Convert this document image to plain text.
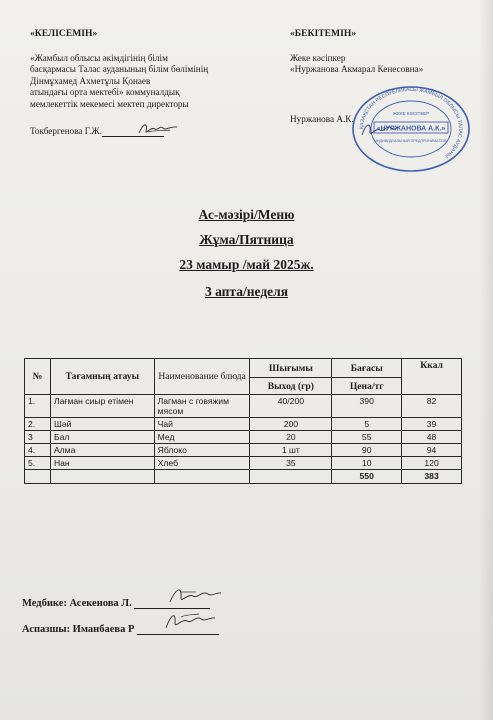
«КЕЛІСЕМІН»
«Жамбыл облысы әкімдігінің білім
басқармасы Талас ауданының білім бөлімінің
Дінмұхамед Ахметұлы Қонаев
атындағы орта мектебі» коммуналдық
мемлекеттік мекемесі мектеп директоры
Токбергенова Г.Ж.
«БЕКІТЕМІН»
Жеке кәсіпкер
«Нуржанова Акмарал Кенесовна»
Нуржанова А.К.
ҚАЗАҚСТАН РЕСПУБЛИКАСЫ ЖАМБЫЛ ОБЛЫСЫ ТАЛАС АУДАНЫ
ЖЕКЕ КӘСІПКЕР
«НУРЖАНОВА А.К.»
ИНДИВИДУАЛЬНЫЙ ПРЕДПРИНИМАТЕЛЬ
Ас-мәзірі/Меню
Жұма/Пятница
23 мамыр /май 2025ж.
3 апта/неделя
№	Тағамның атауы	Наименование блюда	Шығымы	Бағасы	Ккал
			Выход (гр)	Цена/тг	
1.	Лағман сиыр етімен	Лагман с говяжим мясом	40/200	390	82
2.	Шәй	Чай	200	5	39
3	Бал	Мед	20	55	48
4.	Алма	Яблоко	1 шт	90	94
5.	Нан	Хлеб	35	10	120
				550	383
Медбике: Асекенова Л.
Аспазшы: Иманбаева Р
